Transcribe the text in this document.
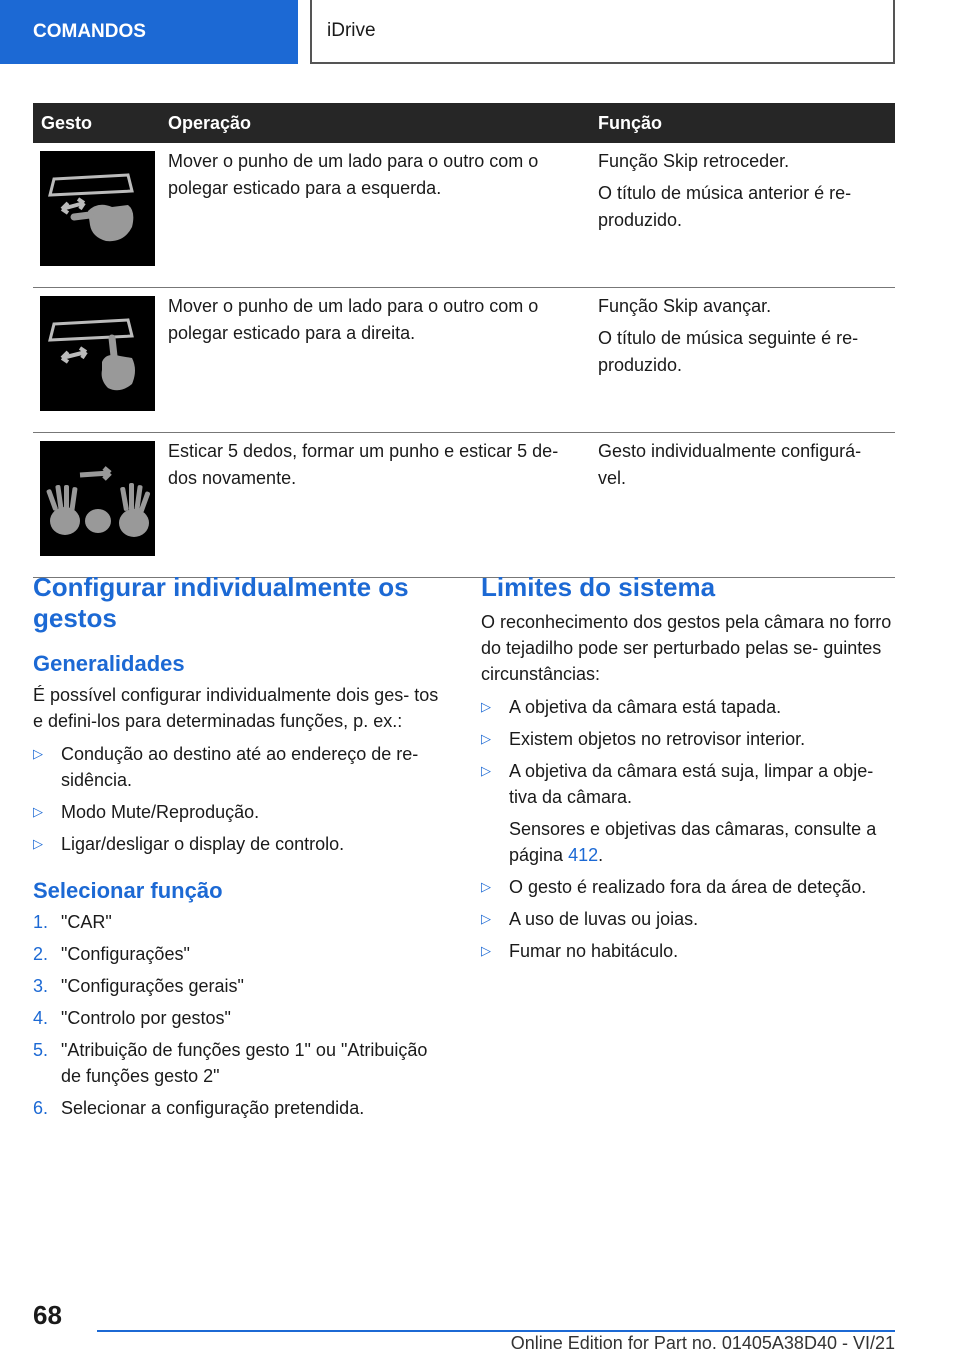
COMANDOS	iDrive
Gesto	Operação	Função

	Mover o punho de um lado para o outro com o polegar esticado para a esquerda.	Função Skip retroceder.

O título de música anterior é re- produzido.

	Mover o punho de um lado para o outro com o polegar esticado para a direita.	Função Skip avançar.

O título de música seguinte é re- produzido.

	Esticar 5 dedos, formar um punho e esticar 5 de- dos novamente.	Gesto individualmente configurá- vel.

Configurar individualmente os gestos
Generalidades

É possível configurar individualmente dois ges- tos e defini-los para determinadas funções, p. ex.:

▷ Condução ao destino até ao endereço de re- sidência.
▷ Modo Mute/Reprodução.
▷ Ligar/desligar o display de controlo.
Selecionar função
1. "CAR"
2. "Configurações"
3. "Configurações gerais"
4. "Controlo por gestos"
5. "Atribuição de funções gesto 1" ou "Atribuição de funções gesto 2"
6. Selecionar a configuração pretendida.
Limites do sistema

O reconhecimento dos gestos pela câmara no forro do tejadilho pode ser perturbado pelas se- guintes circunstâncias:

▷ A objetiva da câmara está tapada.
▷ Existem objetos no retrovisor interior.
▷ A objetiva da câmara está suja, limpar a obje- tiva da câmara.
Sensores e objetivas das câmaras, consulte a página 412.
▷ O gesto é realizado fora da área de deteção.
▷ A uso de luvas ou joias.
▷ Fumar no habitáculo.
68
Online Edition for Part no. 01405A38D40 - VI/21
